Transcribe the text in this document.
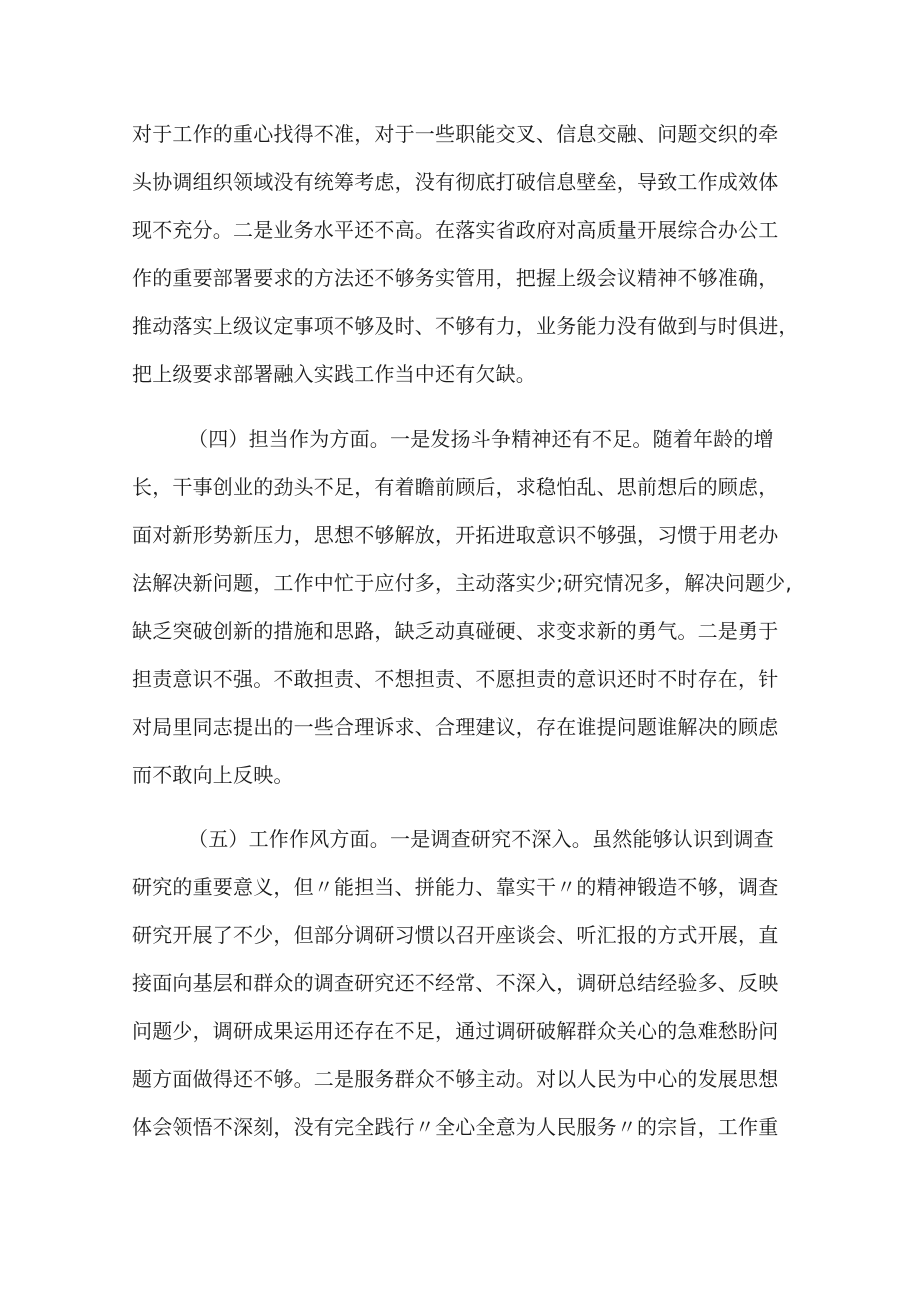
对于工作的重心找得不准，对于一些职能交叉、信息交融、问题交织的牵
头协调组织领域没有统筹考虑，没有彻底打破信息壁垒，导致工作成效体
现不充分。二是业务水平还不高。在落实省政府对高质量开展综合办公工
作的重要部署要求的方法还不够务实管用，把握上级会议精神不够准确，
推动落实上级议定事项不够及时、不够有力，业务能力没有做到与时俱进，
把上级要求部署融入实践工作当中还有欠缺。
（四）担当作为方面。一是发扬斗争精神还有不足。随着年龄的增
长，干事创业的劲头不足，有着瞻前顾后，求稳怕乱、思前想后的顾虑，
面对新形势新压力，思想不够解放，开拓进取意识不够强，习惯于用老办
法解决新问题，工作中忙于应付多，主动落实少;研究情况多，解决问题少,
缺乏突破创新的措施和思路，缺乏动真碰硬、求变求新的勇气。二是勇于
担责意识不强。不敢担责、不想担责、不愿担责的意识还时不时存在，针
对局里同志提出的一些合理诉求、合理建议，存在谁提问题谁解决的顾虑
而不敢向上反映。
（五）工作作风方面。一是调查研究不深入。虽然能够认识到调查
研究的重要意义，但〃能担当、拼能力、靠实干〃的精神锻造不够，调查
研究开展了不少，但部分调研习惯以召开座谈会、听汇报的方式开展，直
接面向基层和群众的调查研究还不经常、不深入，调研总结经验多、反映
问题少，调研成果运用还存在不足，通过调研破解群众关心的急难愁盼问
题方面做得还不够。二是服务群众不够主动。对以人民为中心的发展思想
体会领悟不深刻，没有完全践行〃全心全意为人民服务〃的宗旨，工作重
